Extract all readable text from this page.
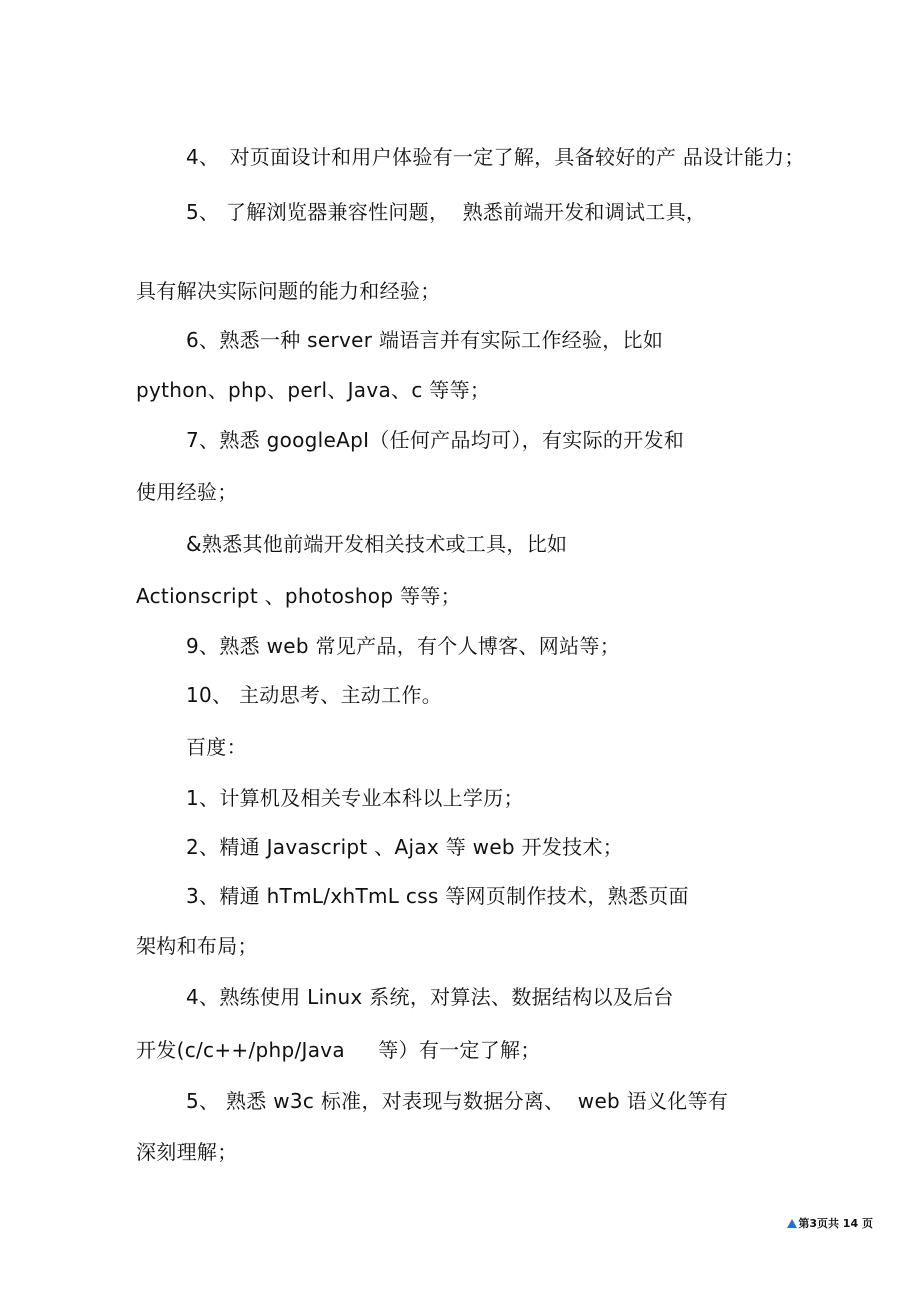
4、　对页面设计和用户体验有一定了解，具备较好的产 品设计能力；
5、 了解浏览器兼容性问题，  熟悉前端开发和调试工具，
具有解决实际问题的能力和经验；
6、熟悉一种 server 端语言并有实际工作经验，比如
python、php、perl、Java、c 等等；
7、熟悉 googleApI（任何产品均可），有实际的开发和
使用经验；
&熟悉其他前端开发相关技术或工具，比如
Actionscript 、photoshop 等等；
9、熟悉 web 常见产品，有个人博客、网站等；
10、 主动思考、主动工作。
百度：
1、计算机及相关专业本科以上学历；
2、精通 Javascript 、Ajax 等 web 开发技术；
3、精通 hTmL/xhTmL css 等网页制作技术，熟悉页面
架构和布局；
4、熟练使用 Linux 系统，对算法、数据结构以及后台
开发(c/c++/php/Java     等）有一定了解；
5、 熟悉 w3c 标准，对表现与数据分离、  web 语义化等有
深刻理解；

第3页共 14 页
